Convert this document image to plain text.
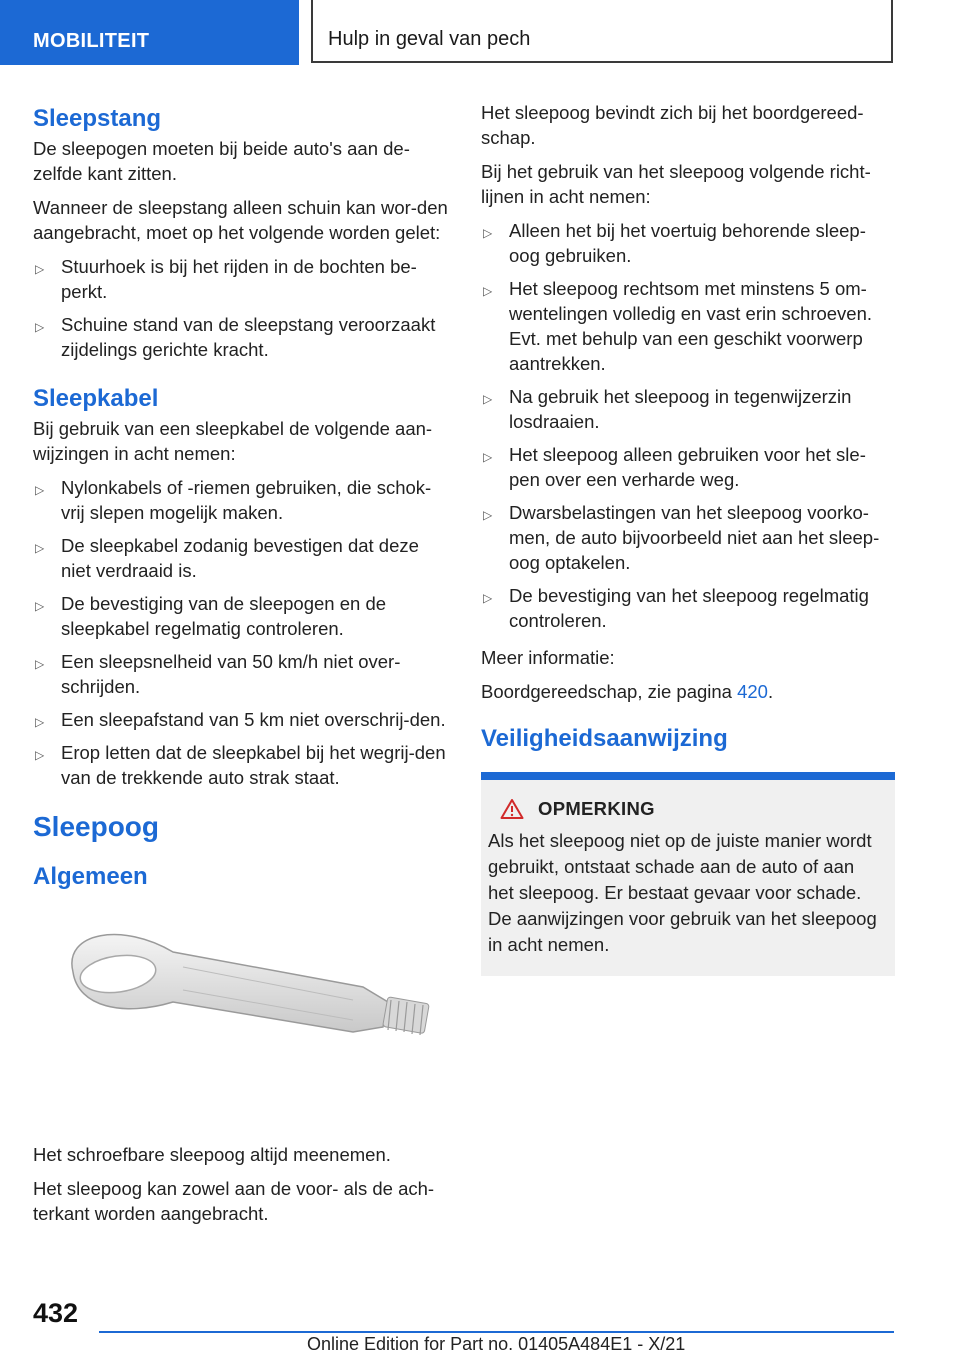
MOBILITEIT	Hulp in geval van pech
Sleepstang

De sleepogen moeten bij beide auto's aan de-zelfde kant zitten.

Wanneer de sleepstang alleen schuin kan wor-den aangebracht, moet op het volgende worden gelet:

▷ Stuurhoek is bij het rijden in de bochten be-perkt.
▷ Schuine stand van de sleepstang veroorzaakt zijdelings gerichte kracht.
Sleepkabel

Bij gebruik van een sleepkabel de volgende aan-wijzingen in acht nemen:

▷ Nylonkabels of -riemen gebruiken, die schok-vrij slepen mogelijk maken.
▷ De sleepkabel zodanig bevestigen dat deze niet verdraaid is.
▷ De bevestiging van de sleepogen en de sleepkabel regelmatig controleren.
▷ Een sleepsnelheid van 50 km/h niet over-schrijden.
▷ Een sleepafstand van 5 km niet overschrij-den.
▷ Erop letten dat de sleepkabel bij het wegrij-den van de trekkende auto strak staat.
Sleepoog
Algemeen

Het schroefbare sleepoog altijd meenemen.

Het sleepoog kan zowel aan de voor- als de ach-terkant worden aangebracht.

Het sleepoog bevindt zich bij het boordgereed-schap.

Bij het gebruik van het sleepoog volgende richt-lijnen in acht nemen:

▷ Alleen het bij het voertuig behorende sleep-oog gebruiken.
▷ Het sleepoog rechtsom met minstens 5 om-wentelingen volledig en vast erin schroeven. Evt. met behulp van een geschikt voorwerp aantrekken.
▷ Na gebruik het sleepoog in tegenwijzerzin losdraaien.
▷ Het sleepoog alleen gebruiken voor het sle-pen over een verharde weg.
▷ Dwarsbelastingen van het sleepoog voorko-men, de auto bijvoorbeeld niet aan het sleep-oog optakelen.
▷ De bevestiging van het sleepoog regelmatig controleren.

Meer informatie:

Boordgereedschap, zie pagina 420.

Veiligheidsaanwijzing
OPMERKING

Als het sleepoog niet op de juiste manier wordt gebruikt, ontstaat schade aan de auto of aan het sleepoog. Er bestaat gevaar voor schade. De aanwijzingen voor gebruik van het sleepoog in acht nemen.

432
Online Edition for Part no. 01405A484E1 - X/21
